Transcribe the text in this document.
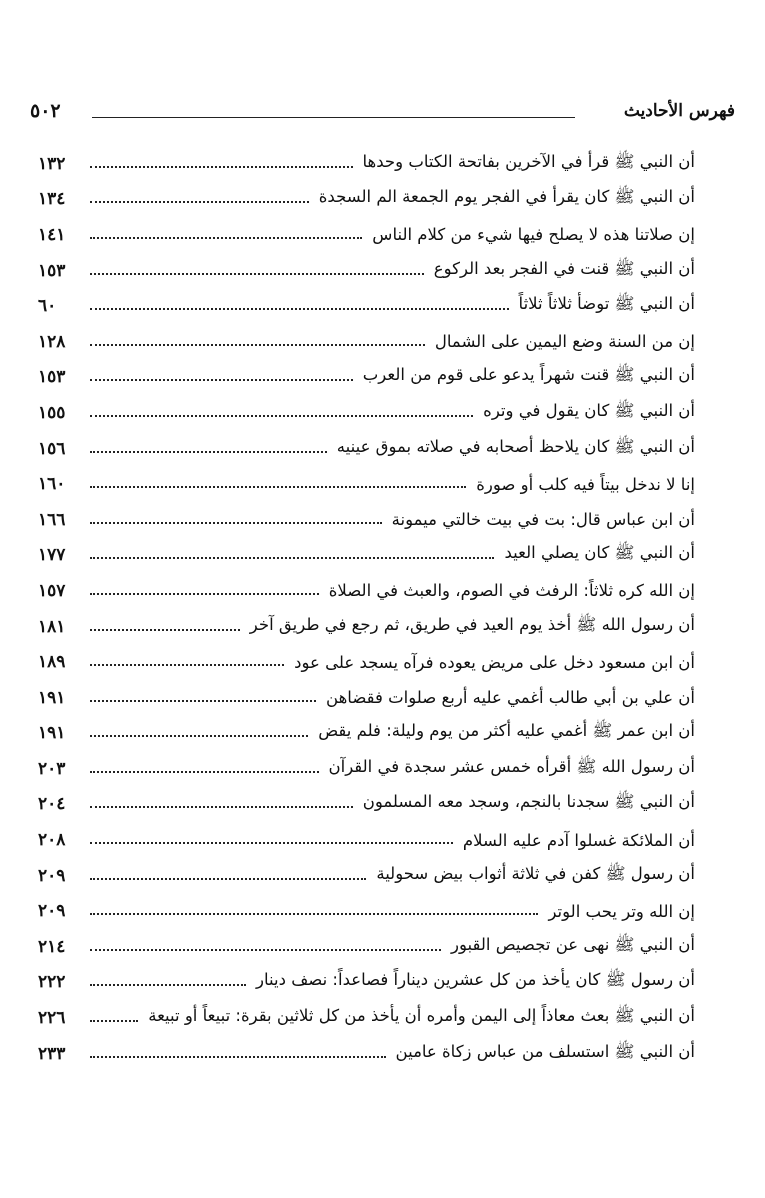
٥٠٢	فهرس الأحاديث
١٣٢	أن النبي ﷺ قرأ في الآخرين بفاتحة الكتاب وحدها
١٣٤	أن النبي ﷺ كان يقرأ في الفجر يوم الجمعة الم السجدة
١٤١	إن صلاتنا هذه لا يصلح فيها شيء من كلام الناس
١٥٣	أن النبي ﷺ قنت في الفجر بعد الركوع
٦٠	أن النبي ﷺ توضأ ثلاثاً ثلاثاً
١٢٨	إن من السنة وضع اليمين على الشمال
١٥٣	أن النبي ﷺ قنت شهراً يدعو على قوم من العرب
١٥٥	أن النبي ﷺ كان يقول في وتره
١٥٦	أن النبي ﷺ كان يلاحظ أصحابه في صلاته بموق عينيه
١٦٠	إنا لا ندخل بيتاً فيه كلب أو صورة
١٦٦	أن ابن عباس قال: بت في بيت خالتي ميمونة
١٧٧	أن النبي ﷺ كان يصلي العيد
١٥٧	إن الله كره ثلاثاً: الرفث في الصوم، والعبث في الصلاة
١٨١	أن رسول الله ﷺ أخذ يوم العيد في طريق، ثم رجع في طريق آخر
١٨٩	أن ابن مسعود دخل على مريض يعوده فرآه يسجد على عود
١٩١	أن علي بن أبي طالب أغمي عليه أربع صلوات فقضاهن
١٩١	أن ابن عمر ﷺ أغمي عليه أكثر من يوم وليلة: فلم يقض
٢٠٣	أن رسول الله ﷺ أقرأه خمس عشر سجدة في القرآن
٢٠٤	أن النبي ﷺ سجدنا بالنجم، وسجد معه المسلمون
٢٠٨	أن الملائكة غسلوا آدم عليه السلام
٢٠٩	أن رسول ﷺ كفن في ثلاثة أثواب بيض سحولية
٢٠٩	إن الله وتر يحب الوتر
٢١٤	أن النبي ﷺ نهى عن تجصيص القبور
٢٢٢	أن رسول ﷺ كان يأخذ من كل عشرين ديناراً فصاعداً: نصف دينار
٢٢٦	أن النبي ﷺ بعث معاذاً إلى اليمن وأمره أن يأخذ من كل ثلاثين بقرة: تبيعاً أو تبيعة
٢٣٣	أن النبي ﷺ استسلف من عباس زكاة عامين
